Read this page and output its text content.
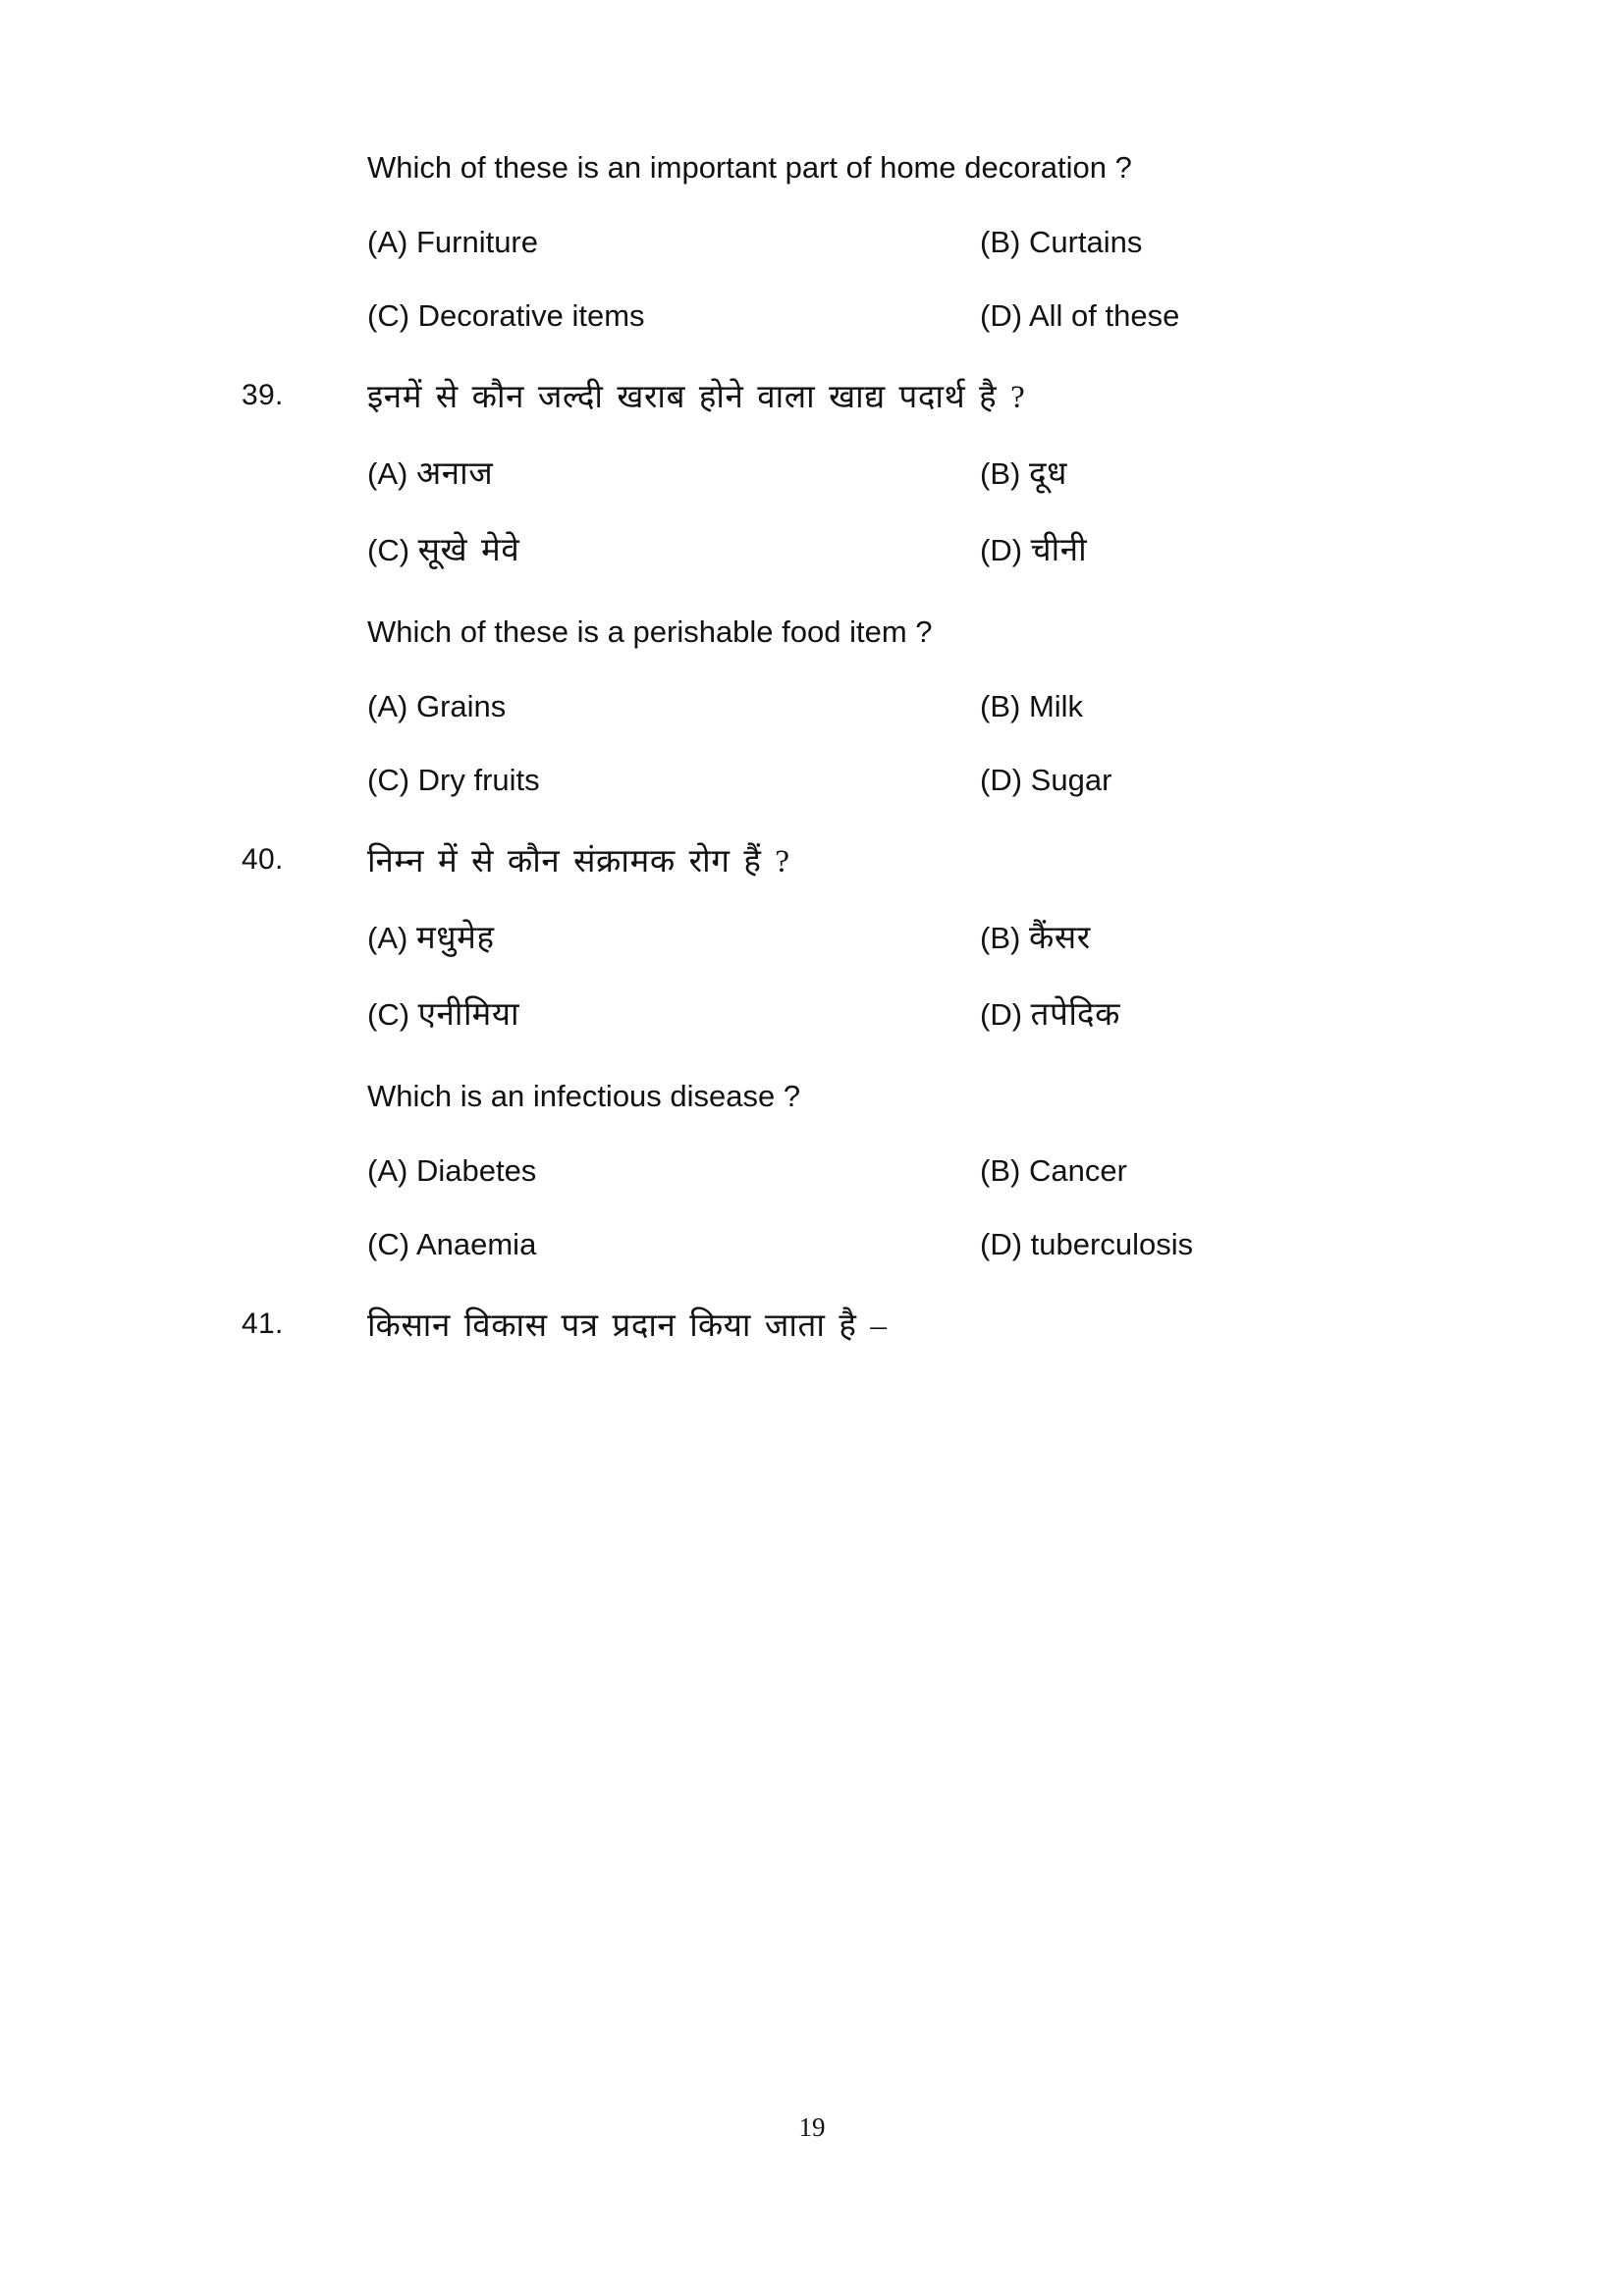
Which of these is an important part of home decoration ?
(A) Furniture	(B) Curtains
(C) Decorative items	(D) All of these
39.	इनमें से कौन जल्दी खराब होने वाला खाद्य पदार्थ है ?
(A) अनाज	(B) दूध
(C) सूखे मेवे	(D) चीनी
Which of these is a perishable food item ?
(A) Grains	(B) Milk
(C) Dry fruits	(D) Sugar
40.	निम्न में से कौन संक्रामक रोग हैं ?
(A) मधुमेह	(B) कैंसर
(C) एनीमिया	(D) तपेदिक
Which is an infectious disease ?
(A) Diabetes	(B) Cancer
(C) Anaemia	(D) tuberculosis
41.	किसान विकास पत्र प्रदान किया जाता है –
19
